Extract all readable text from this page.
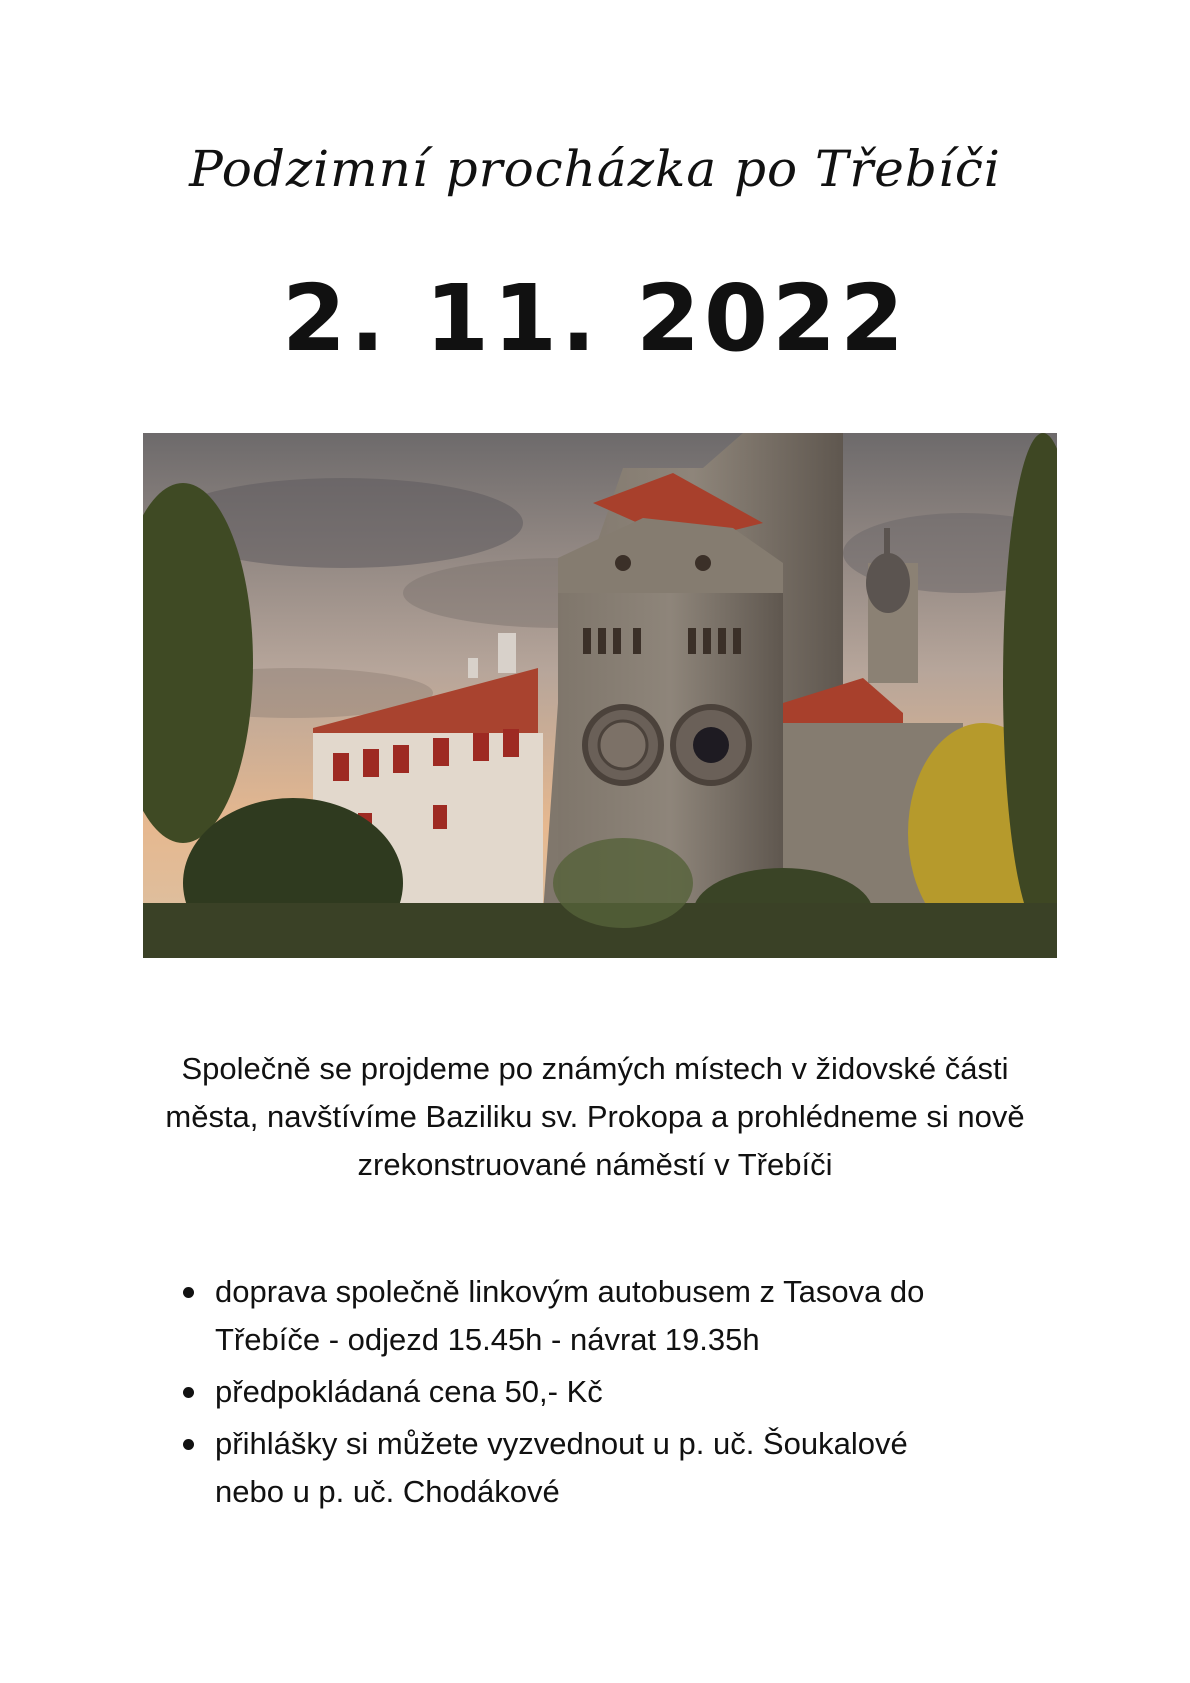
Podzimní procházka po Třebíči
2. 11. 2022

Společně se projdeme po známých místech v židovské části

města, navštívíme Baziliku sv. Prokopa a prohlédneme si nově

zrekonstruované náměstí v Třebíči

doprava společně linkovým autobusem z Tasova do
Třebíče - odjezd 15.45h - návrat 19.35h
předpokládaná cena 50,- Kč
přihlášky si můžete vyzvednout u p. uč. Šoukalové
nebo u p. uč. Chodákové
